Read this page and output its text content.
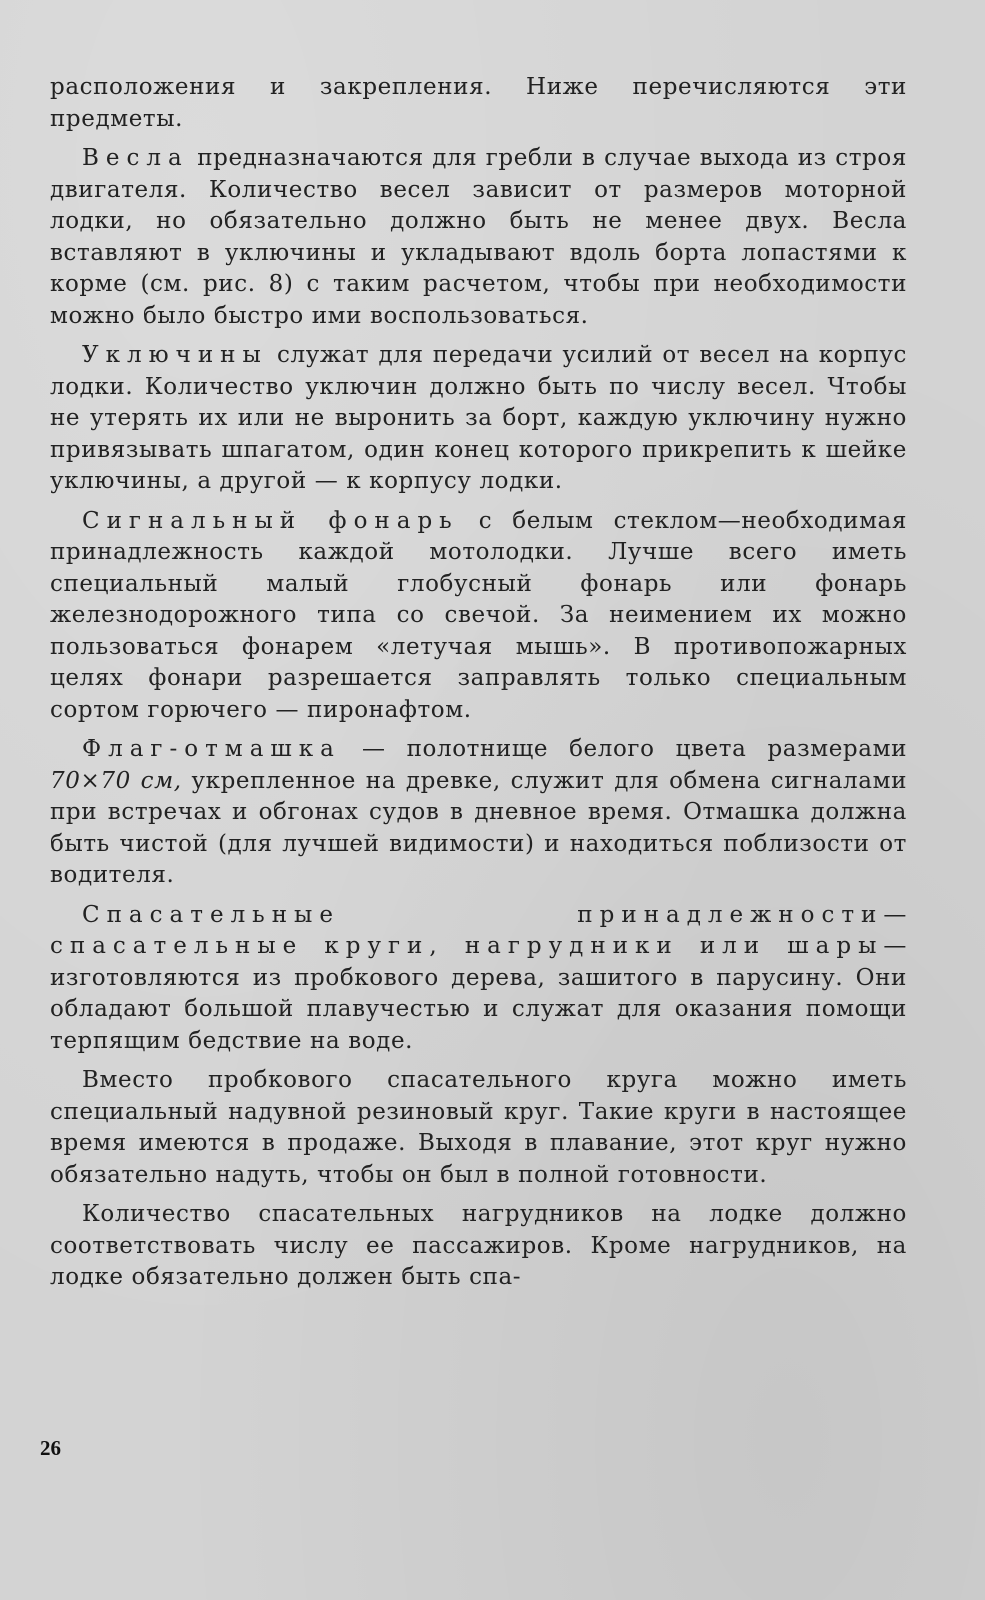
расположения и закрепления. Ниже перечисляются эти предметы.

Весла предназначаются для гребли в случае выхода из строя двигателя. Количество весел зависит от размеров моторной лодки, но обязательно должно быть не менее двух. Весла вставляют в уключины и укладывают вдоль борта лопастями к корме (см. рис. 8) с таким расчетом, чтобы при необходимости можно было быстро ими воспользоваться.

Уключины служат для передачи усилий от весел на корпус лодки. Количество уключин должно быть по числу весел. Чтобы не утерять их или не выронить за борт, каждую уключину нужно привязывать шпагатом, один конец которого прикрепить к шейке уключины, а другой — к корпусу лодки.

Сигнальный фонарь с белым стеклом—необходимая принадлежность каждой мотолодки. Лучше всего иметь специальный малый глобусный фонарь или фонарь железнодорожного типа со свечой. За неимением их можно пользоваться фонарем «летучая мышь». В противопожарных целях фонари разрешается заправлять только специальным сортом горючего — пиронафтом.

Флаг-отмашка — полотнище белого цвета размерами 70×70 см, укрепленное на древке, служит для обмена сигналами при встречах и обгонах судов в дневное время. Отмашка должна быть чистой (для лучшей видимости) и находиться поблизости от водителя.

Спасательные принадлежности—спасательные круги, нагрудники или шары—изготовляются из пробкового дерева, зашитого в парусину. Они обладают большой плавучестью и служат для оказания помощи терпящим бедствие на воде.

Вместо пробкового спасательного круга можно иметь специальный надувной резиновый круг. Такие круги в настоящее время имеются в продаже. Выходя в плавание, этот круг нужно обязательно надуть, чтобы он был в полной готовности.

Количество спасательных нагрудников на лодке должно соответствовать числу ее пассажиров. Кроме нагрудников, на лодке обязательно должен быть спа-

26
